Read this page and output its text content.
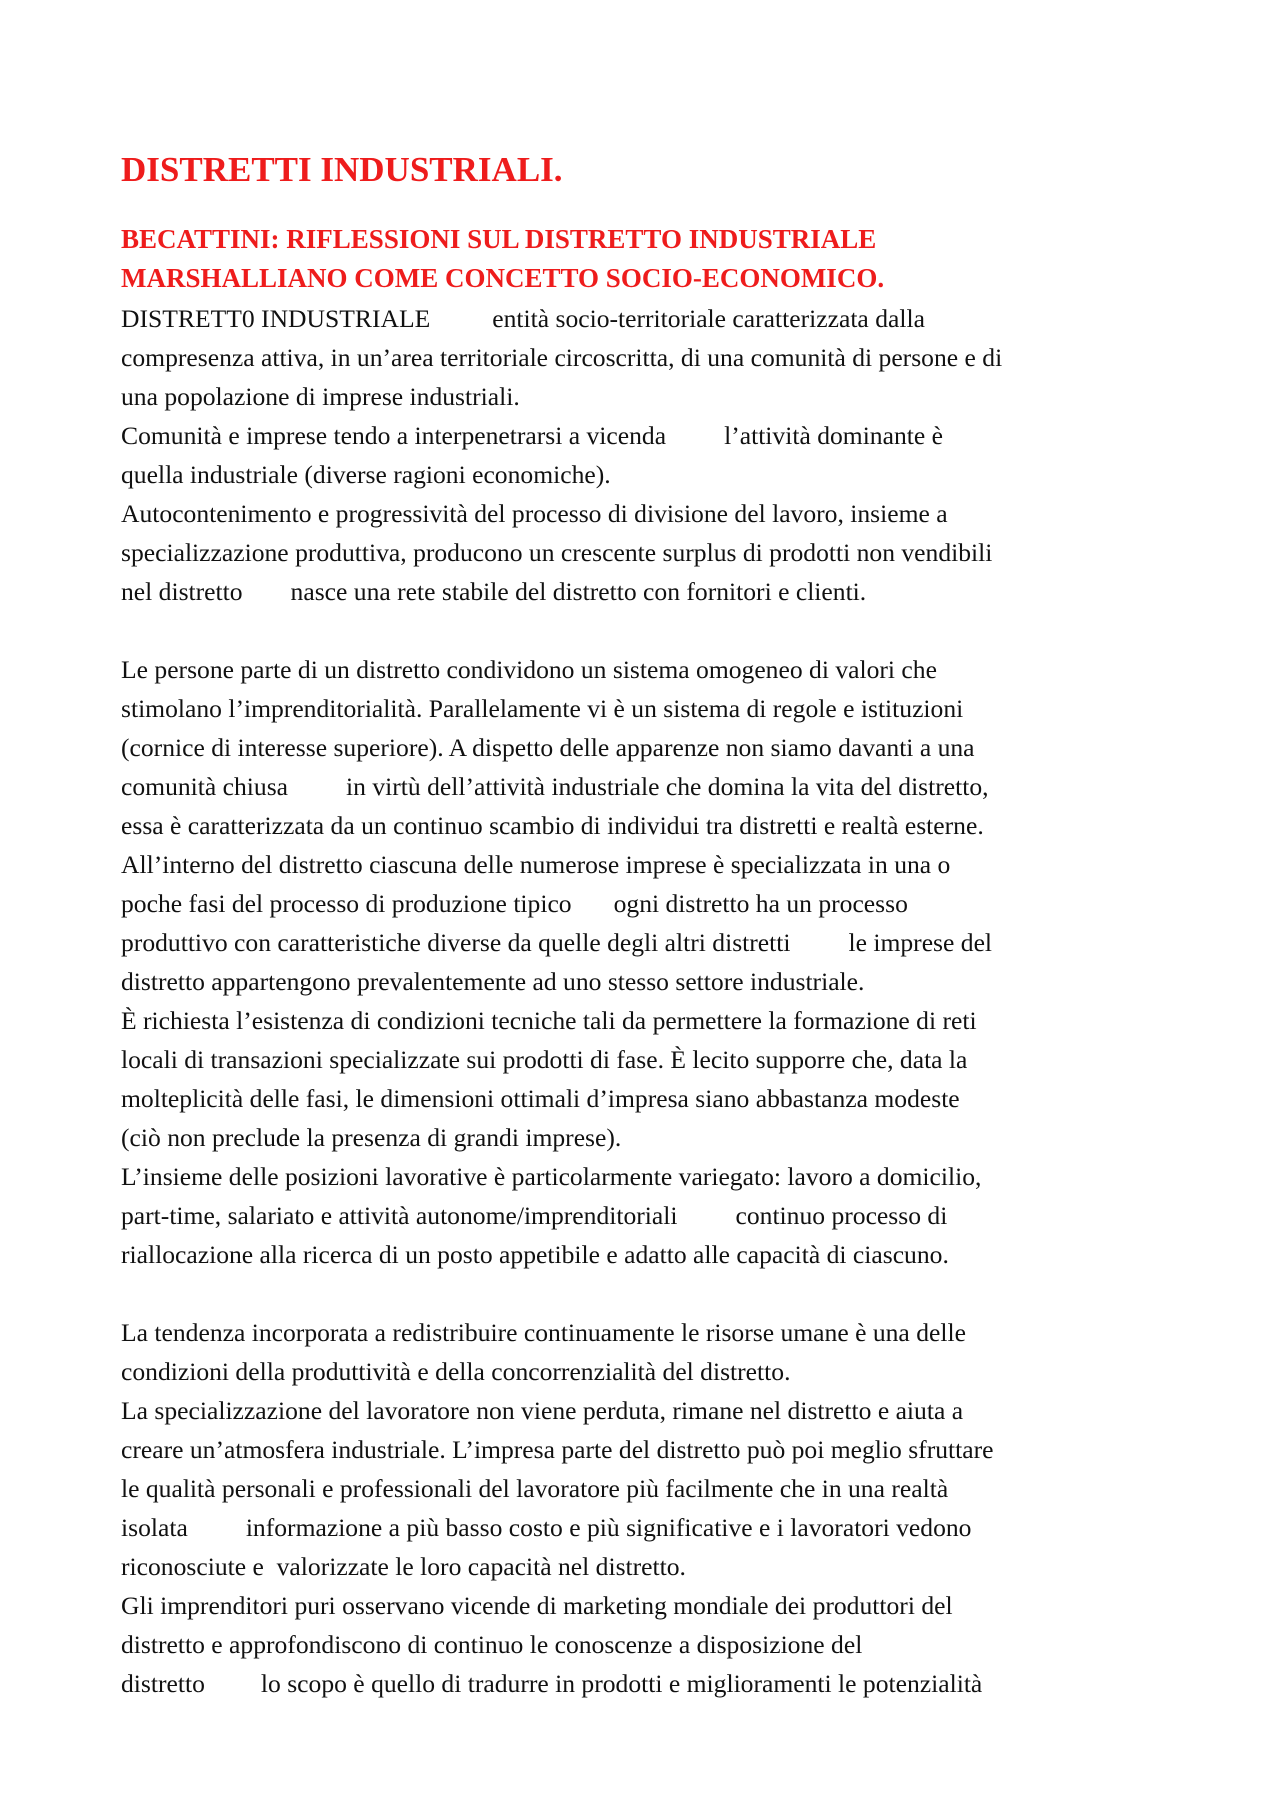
DISTRETTI INDUSTRIALI.
BECATTINI: RIFLESSIONI SUL DISTRETTO INDUSTRIALE
MARSHALLIANO COME CONCETTO SOCIO-ECONOMICO.
DISTRETT0 INDUSTRIALE entità socio-territoriale caratterizzata dalla
compresenza attiva, in un’area territoriale circoscritta, di una comunità di persone e di
una popolazione di imprese industriali.
Comunità e imprese tendo a interpenetrarsi a vicenda l’attività dominante è
quella industriale (diverse ragioni economiche).
Autocontenimento e progressività del processo di divisione del lavoro, insieme a
specializzazione produttiva, producono un crescente surplus di prodotti non vendibili
nel distretto nasce una rete stabile del distretto con fornitori e clienti.
Le persone parte di un distretto condividono un sistema omogeneo di valori che
stimolano l’imprenditorialità. Parallelamente vi è un sistema di regole e istituzioni
(cornice di interesse superiore). A dispetto delle apparenze non siamo davanti a una
comunità chiusa in virtù dell’attività industriale che domina la vita del distretto,
essa è caratterizzata da un continuo scambio di individui tra distretti e realtà esterne.
All’interno del distretto ciascuna delle numerose imprese è specializzata in una o
poche fasi del processo di produzione tipico ogni distretto ha un processo
produttivo con caratteristiche diverse da quelle degli altri distretti le imprese del
distretto appartengono prevalentemente ad uno stesso settore industriale.
È richiesta l’esistenza di condizioni tecniche tali da permettere la formazione di reti
locali di transazioni specializzate sui prodotti di fase. È lecito supporre che, data la
molteplicità delle fasi, le dimensioni ottimali d’impresa siano abbastanza modeste
(ciò non preclude la presenza di grandi imprese).
L’insieme delle posizioni lavorative è particolarmente variegato: lavoro a domicilio,
part-time, salariato e attività autonome/imprenditoriali continuo processo di
riallocazione alla ricerca di un posto appetibile e adatto alle capacità di ciascuno.
La tendenza incorporata a redistribuire continuamente le risorse umane è una delle
condizioni della produttività e della concorrenzialità del distretto.
La specializzazione del lavoratore non viene perduta, rimane nel distretto e aiuta a
creare un’atmosfera industriale. L’impresa parte del distretto può poi meglio sfruttare
le qualità personali e professionali del lavoratore più facilmente che in una realtà
isolata informazione a più basso costo e più significative e i lavoratori vedono
riconosciute e  valorizzate le loro capacità nel distretto.
Gli imprenditori puri osservano vicende di marketing mondiale dei produttori del
distretto e approfondiscono di continuo le conoscenze a disposizione del
distretto lo scopo è quello di tradurre in prodotti e miglioramenti le potenzialità
